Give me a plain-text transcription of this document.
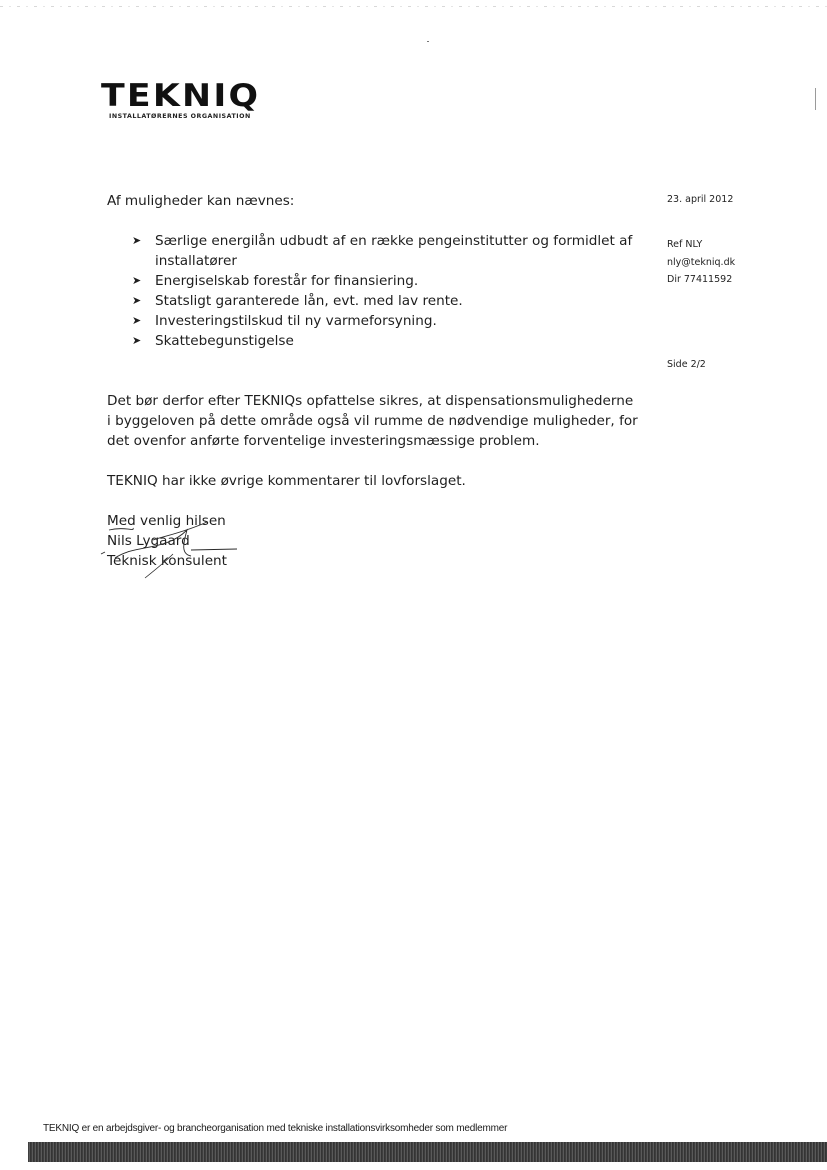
TEKNIQ
INSTALLATØRERNES ORGANISATION
23. april 2012
Ref NLY
nly@tekniq.dk
Dir 77411592
Side 2/2
Af muligheder kan nævnes:
➤ Særlige energilån udbudt af en række pengeinstitutter og formidlet af
installatører
➤ Energiselskab forestår for finansiering.
➤ Statsligt garanterede lån, evt. med lav rente.
➤ Investeringstilskud til ny varmeforsyning.
➤ Skattebegunstigelse
Det bør derfor efter TEKNIQs opfattelse sikres, at dispensationsmulighederne
i byggeloven på dette område også vil rumme de nødvendige muligheder, for
det ovenfor anførte forventelige investeringsmæssige problem.
TEKNIQ har ikke øvrige kommentarer til lovforslaget.
Med venlig hilsen
Nils Lygaard
Teknisk konsulent
TEKNIQ er en arbejdsgiver- og brancheorganisation med tekniske installationsvirksomheder som medlemmer
